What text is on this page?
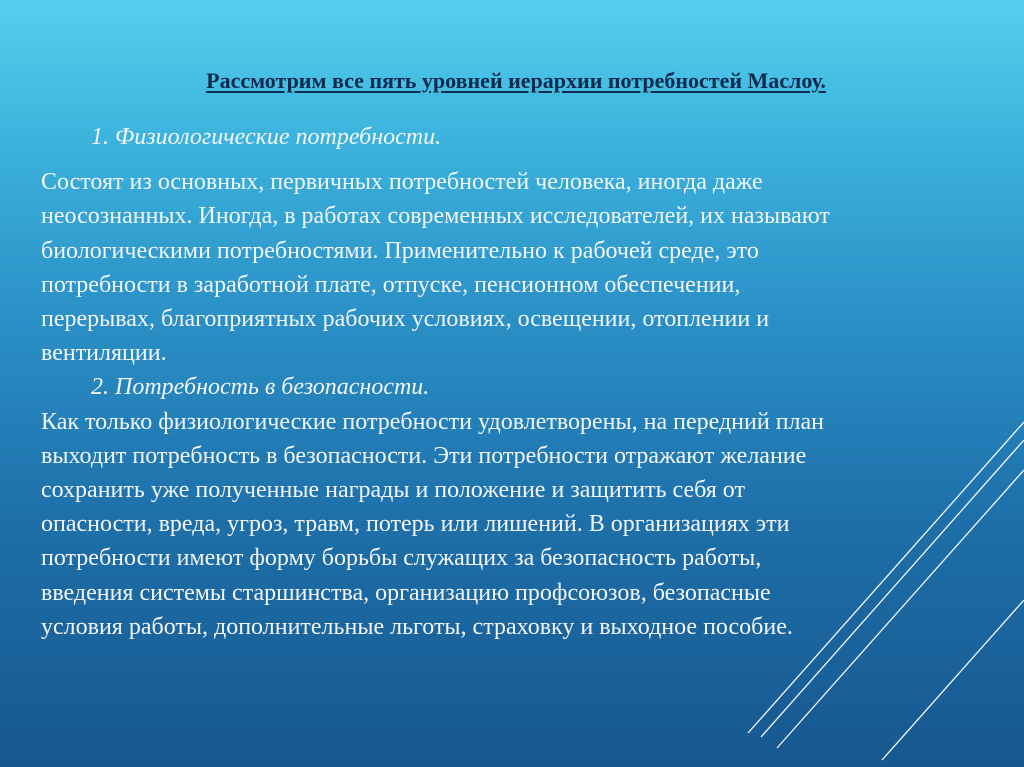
Рассмотрим все пять уровней иерархии потребностей Маслоу.
1. Физиологические потребности.
Состоят из основных, первичных потребностей человека, иногда даже
неосознанных. Иногда, в работах современных исследователей, их называют
биологическими потребностями. Применительно к рабочей среде, это
потребности в заработной плате, отпуске, пенсионном обеспечении,
перерывах, благоприятных рабочих условиях, освещении, отоплении и
вентиляции.
2. Потребность в безопасности.
Как только физиологические потребности удовлетворены, на передний план
выходит потребность в безопасности. Эти потребности отражают желание
сохранить уже полученные награды и положение и защитить себя от
опасности, вреда, угроз, травм, потерь или лишений. В организациях эти
потребности имеют форму борьбы служащих за безопасность работы,
введения системы старшинства, организацию профсоюзов, безопасные
условия работы, дополнительные льготы, страховку и выходное пособие.
